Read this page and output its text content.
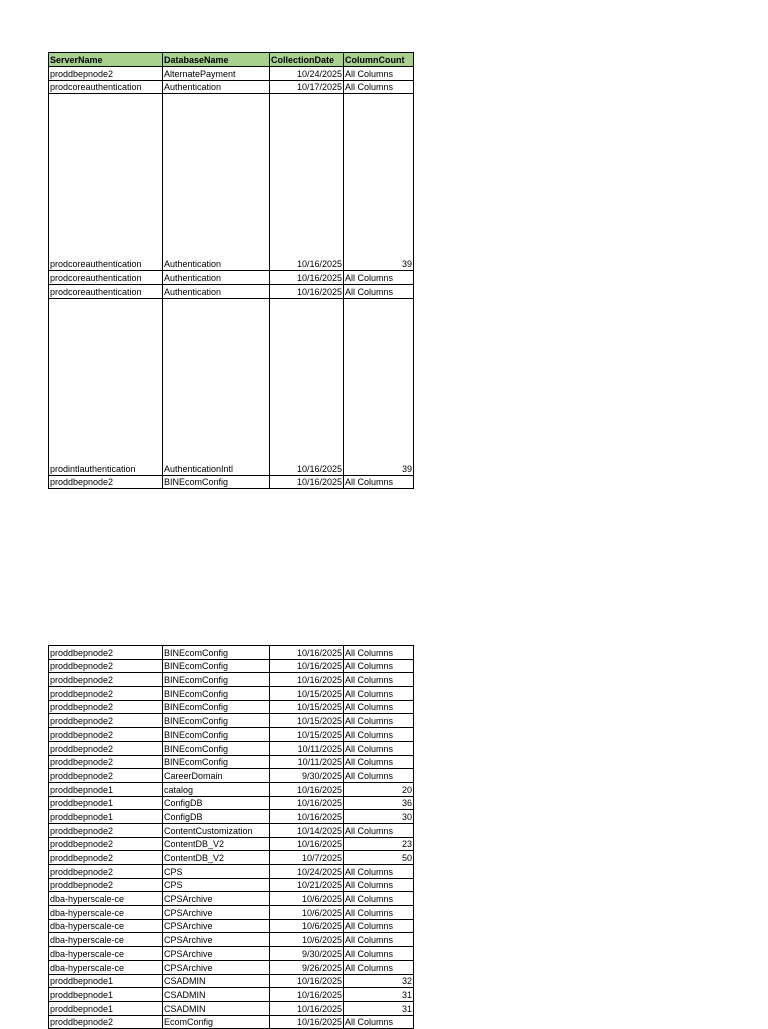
ServerName	DatabaseName	CollectionDate	ColumnCount
proddbepnode2	AlternatePayment	10/24/2025	All Columns
prodcoreauthentication	Authentication	10/17/2025	All Columns
prodcoreauthentication	Authentication	10/16/2025	39
prodcoreauthentication	Authentication	10/16/2025	All Columns
prodcoreauthentication	Authentication	10/16/2025	All Columns
prodintlauthentication	AuthenticationIntl	10/16/2025	39
proddbepnode2	BINEcomConfig	10/16/2025	All Columns
proddbepnode2	BINEcomConfig	10/16/2025	All Columns
proddbepnode2	BINEcomConfig	10/16/2025	All Columns
proddbepnode2	BINEcomConfig	10/16/2025	All Columns
proddbepnode2	BINEcomConfig	10/15/2025	All Columns
proddbepnode2	BINEcomConfig	10/15/2025	All Columns
proddbepnode2	BINEcomConfig	10/15/2025	All Columns
proddbepnode2	BINEcomConfig	10/15/2025	All Columns
proddbepnode2	BINEcomConfig	10/11/2025	All Columns
proddbepnode2	BINEcomConfig	10/11/2025	All Columns
proddbepnode2	CareerDomain	9/30/2025	All Columns
proddbepnode1	catalog	10/16/2025	20
proddbepnode1	ConfigDB	10/16/2025	36
proddbepnode1	ConfigDB	10/16/2025	30
proddbepnode2	ContentCustomization	10/14/2025	All Columns
proddbepnode2	ContentDB_V2	10/16/2025	23
proddbepnode2	ContentDB_V2	10/7/2025	50
proddbepnode2	CPS	10/24/2025	All Columns
proddbepnode2	CPS	10/21/2025	All Columns
dba-hyperscale-ce	CPSArchive	10/6/2025	All Columns
dba-hyperscale-ce	CPSArchive	10/6/2025	All Columns
dba-hyperscale-ce	CPSArchive	10/6/2025	All Columns
dba-hyperscale-ce	CPSArchive	10/6/2025	All Columns
dba-hyperscale-ce	CPSArchive	9/30/2025	All Columns
dba-hyperscale-ce	CPSArchive	9/26/2025	All Columns
proddbepnode1	CSADMIN	10/16/2025	32
proddbepnode1	CSADMIN	10/16/2025	31
proddbepnode1	CSADMIN	10/16/2025	31
proddbepnode2	EcomConfig	10/16/2025	All Columns
